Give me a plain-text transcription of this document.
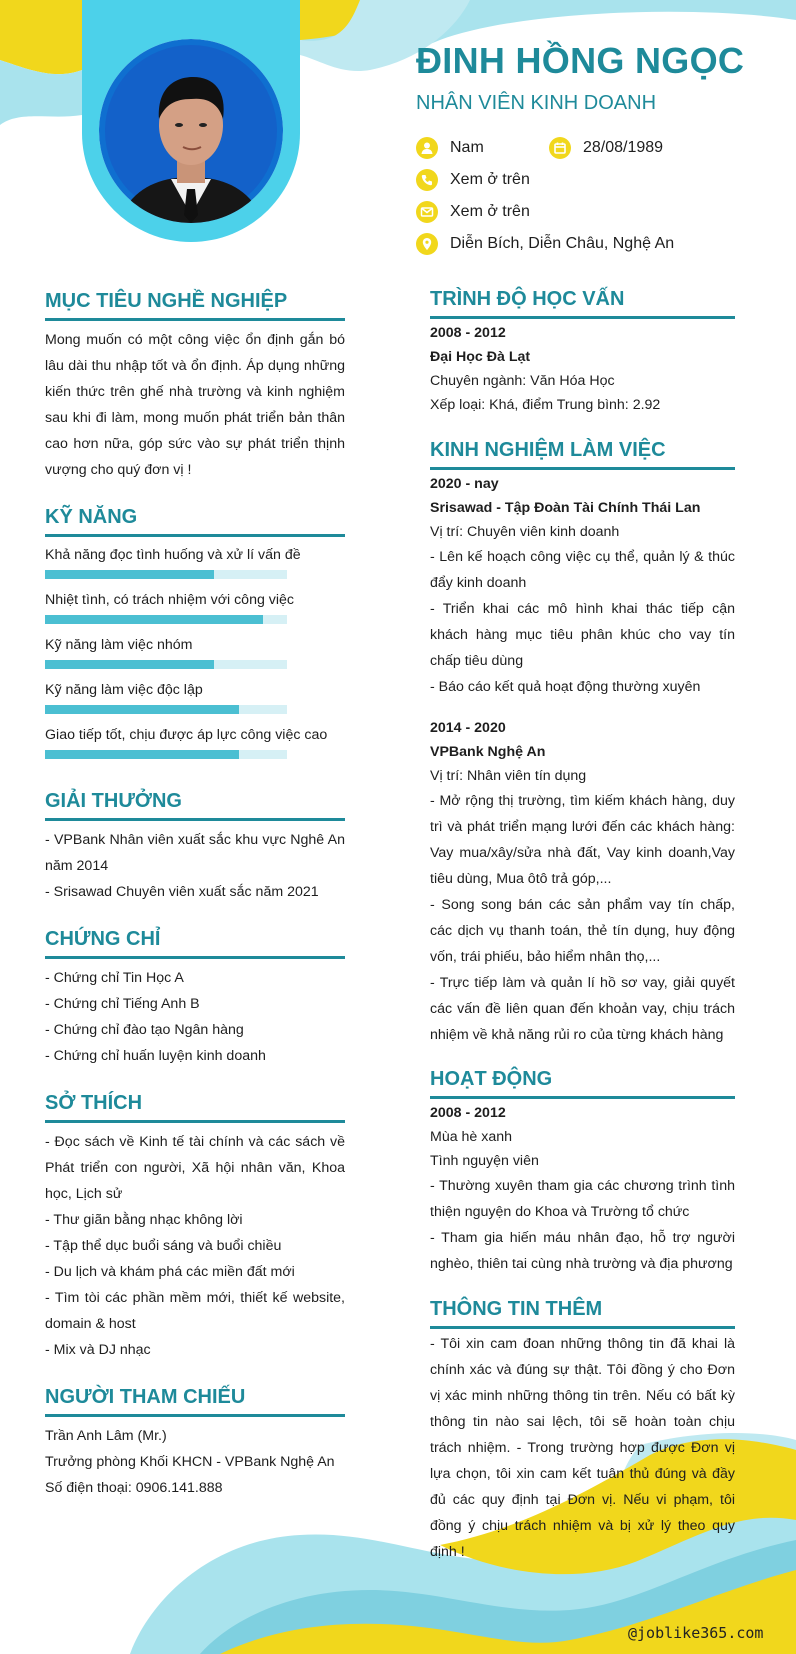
ĐINH HỒNG NGỌC
NHÂN VIÊN KINH DOANH
Nam	28/08/1989
Xem ở trên
Xem ở trên
Diễn Bích, Diễn Châu, Nghệ An
MỤC TIÊU NGHỀ NGHIỆP
Mong muốn có một công việc ổn định gắn bó lâu dài thu nhập tốt và ổn định. Áp dụng những kiến thức trên ghế nhà trường và kinh nghiệm sau khi đi làm, mong muốn phát triển bản thân cao hơn nữa, góp sức vào sự phát triển thịnh vượng cho quý đơn vị !
KỸ NĂNG
Khả năng đọc tình huống và xử lí vấn đề
Nhiệt tình, có trách nhiệm với công việc
Kỹ năng làm việc nhóm
Kỹ năng làm việc độc lập
Giao tiếp tốt, chịu được áp lực công việc cao
GIẢI THƯỞNG

- VPBank Nhân viên xuất sắc khu vực Nghê An năm 2014

- Srisawad Chuyên viên xuất sắc năm 2021

CHỨNG CHỈ

- Chứng chỉ Tin Học A

- Chứng chỉ Tiếng Anh B

- Chứng chỉ đào tạo Ngân hàng

- Chứng chỉ huấn luyện kinh doanh

SỞ THÍCH

- Đọc sách về Kinh tế tài chính và các sách về Phát triển con người, Xã hội nhân văn, Khoa học, Lịch sử

- Thư giãn bằng nhạc không lời

- Tập thể dục buổi sáng và buổi chiều

- Du lịch và khám phá các miền đất mới

- Tìm tòi các phần mềm mới, thiết kế website, domain & host

- Mix và DJ nhạc

NGƯỜI THAM CHIẾU

Trần Anh Lâm (Mr.)

Trưởng phòng Khối KHCN - VPBank Nghệ An

Số điện thoại: 0906.141.888

TRÌNH ĐỘ HỌC VẤN

2008 - 2012

Đại Học Đà Lạt

Chuyên ngành: Văn Hóa Học

Xếp loại: Khá, điểm Trung bình: 2.92

KINH NGHIỆM LÀM VIỆC

2020 - nay

Srisawad - Tập Đoàn Tài Chính Thái Lan

Vị trí: Chuyên viên kinh doanh

- Lên kế hoạch công việc cụ thể, quản lý & thúc đẩy kinh doanh

- Triển khai các mô hình khai thác tiếp cận khách hàng mục tiêu phân khúc cho vay tín chấp tiêu dùng

- Báo cáo kết quả hoạt động thường xuyên

2014 - 2020

VPBank Nghệ An

Vị trí: Nhân viên tín dụng

- Mở rộng thị trường, tìm kiếm khách hàng, duy trì và phát triển mạng lưới đến các khách hàng: Vay mua/xây/sửa nhà đất, Vay kinh doanh,Vay tiêu dùng, Mua ôtô trả góp,...

- Song song bán các sản phẩm vay tín chấp, các dịch vụ thanh toán, thẻ tín dụng, huy động vốn, trái phiếu, bảo hiểm nhân thọ,...

- Trực tiếp làm và quản lí hồ sơ vay, giải quyết các vấn đề liên quan đến khoản vay, chịu trách nhiệm về khả năng rủi ro của từng khách hàng

HOẠT ĐỘNG

2008 - 2012

Mùa hè xanh

Tình nguyện viên

- Thường xuyên tham gia các chương trình tình thiện nguyện do Khoa và Trường tổ chức

- Tham gia hiến máu nhân đạo, hỗ trợ người nghèo, thiên tai cùng nhà trường và địa phương

THÔNG TIN THÊM
- Tôi xin cam đoan những thông tin đã khai là chính xác và đúng sự thật. Tôi đồng ý cho Đơn vị xác minh những thông tin trên. Nếu có bất kỳ thông tin nào sai lệch, tôi sẽ hoàn toàn chịu trách nhiệm. - Trong trường hợp được Đơn vị lựa chọn, tôi xin cam kết tuân thủ đúng và đầy đủ các quy định tại Đơn vị. Nếu vi phạm, tôi đồng ý chịu trách nhiệm và bị xử lý theo quy định !
@joblike365.com
